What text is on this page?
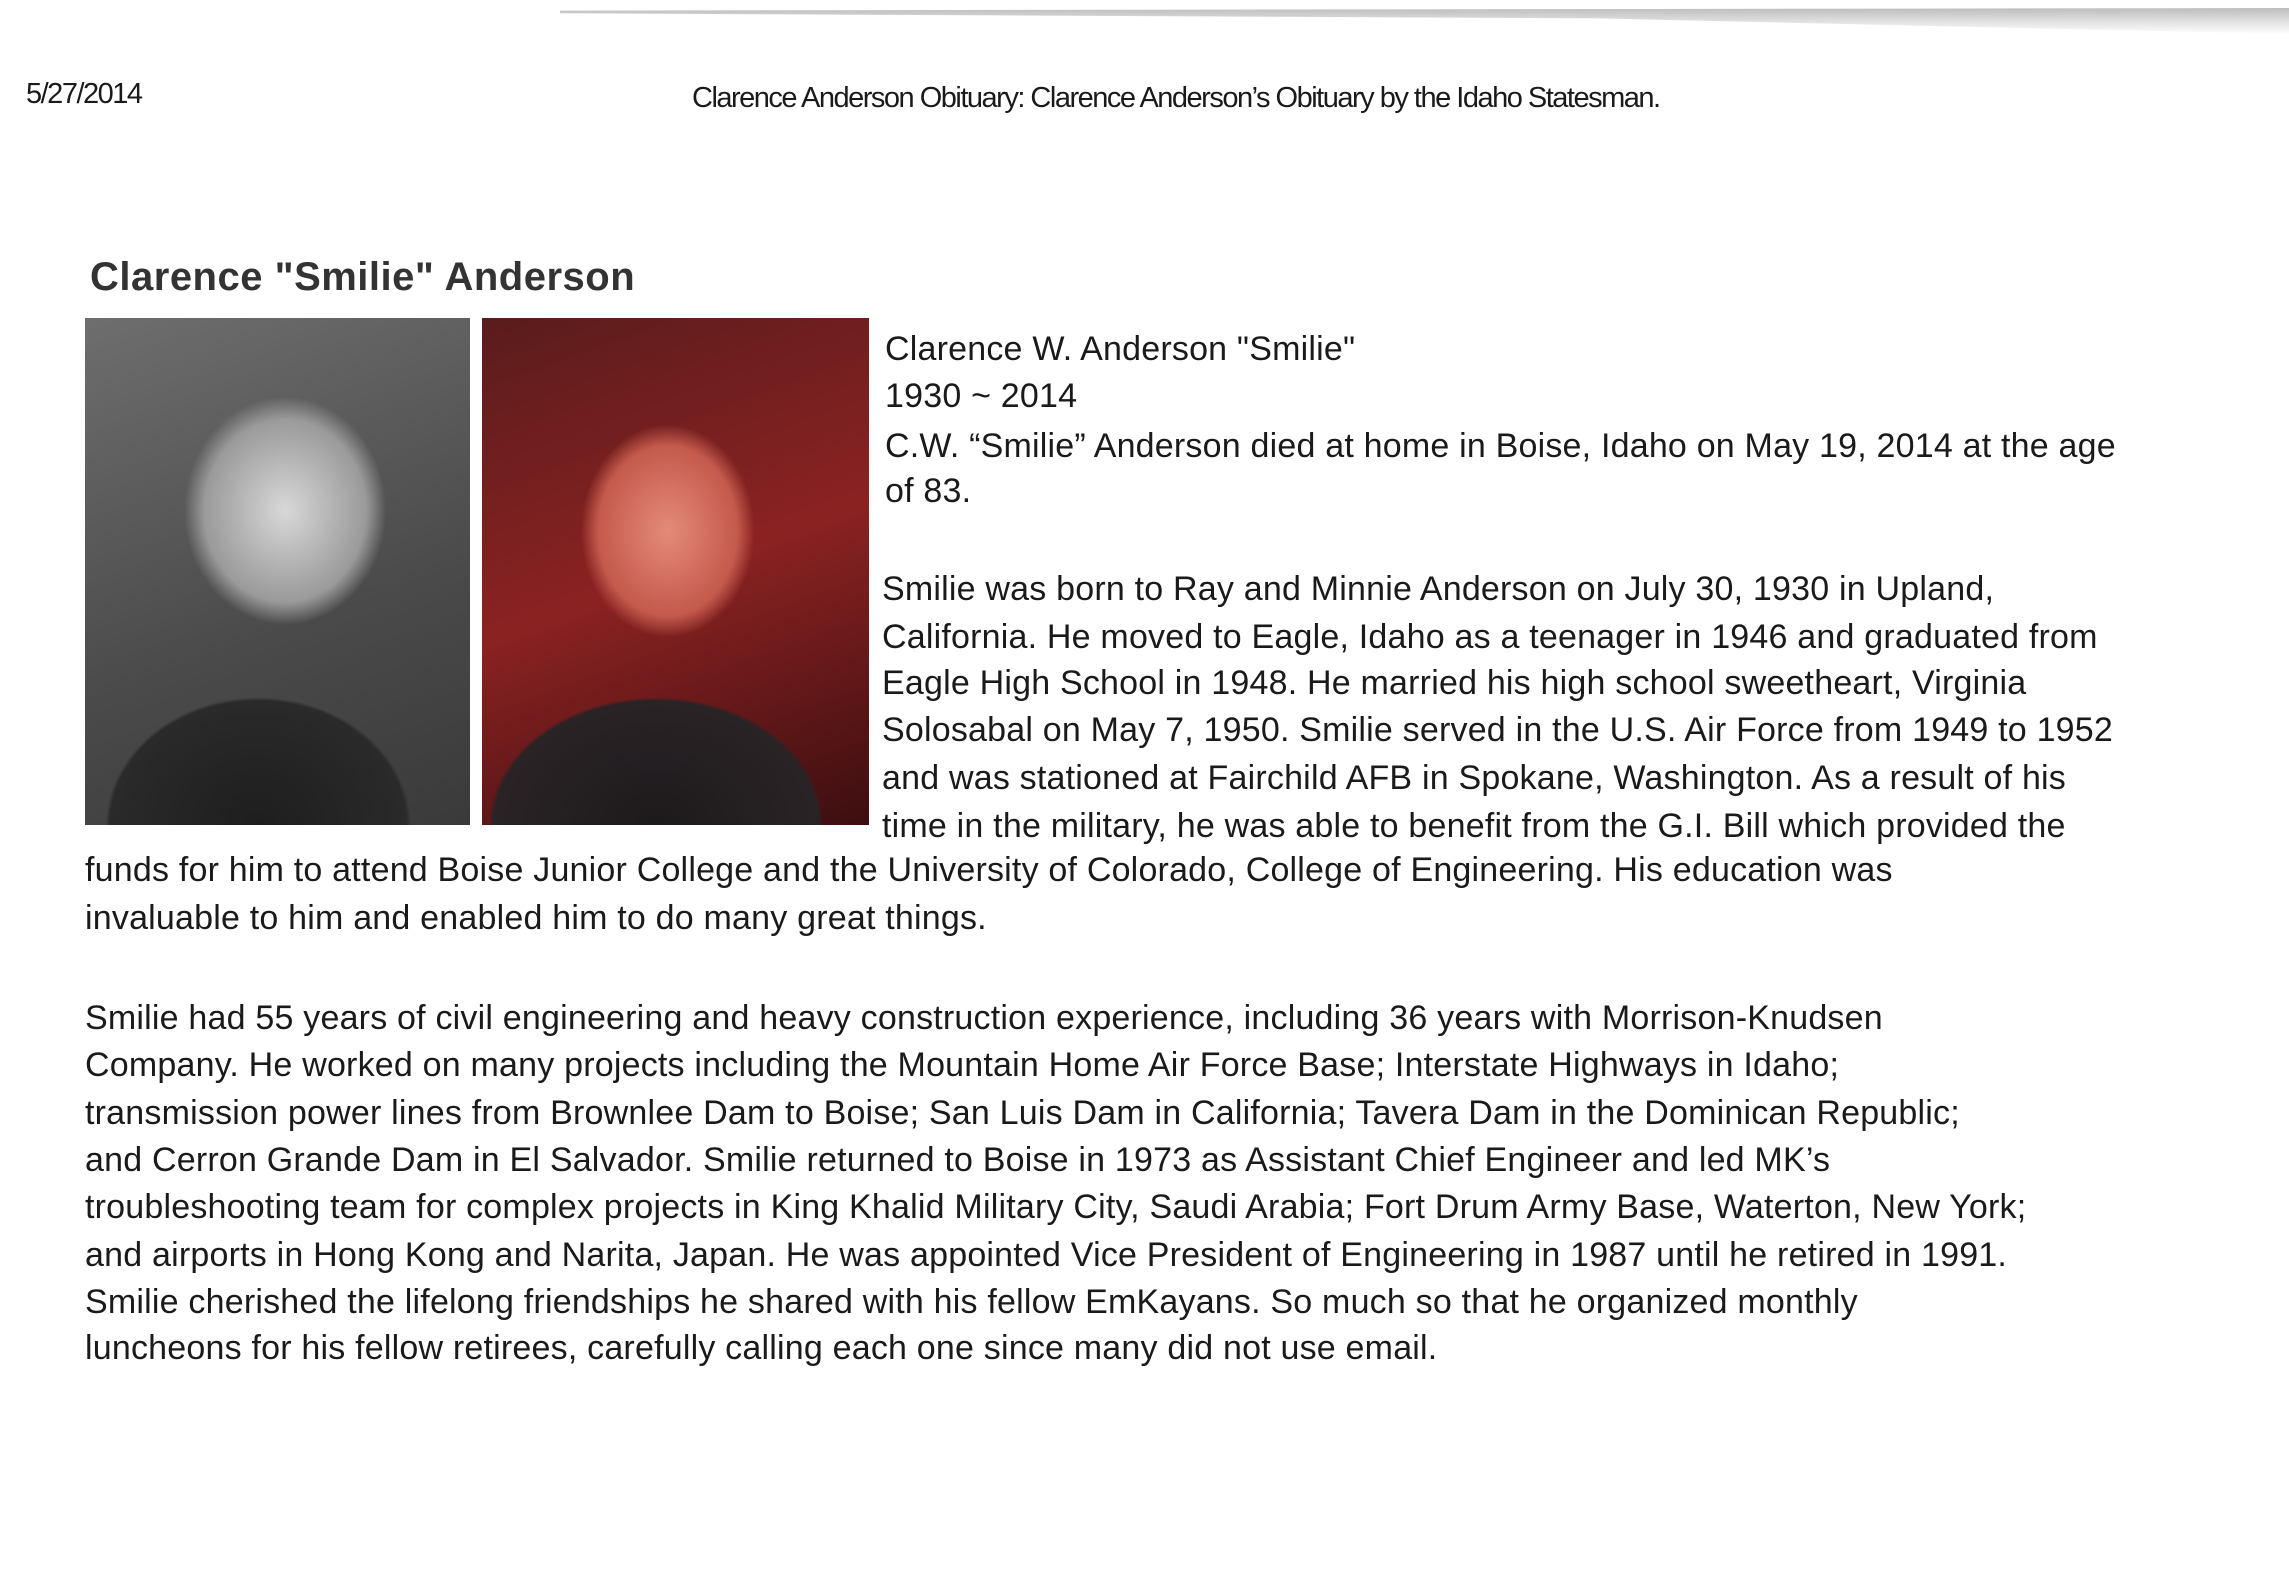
5/27/2014	Clarence Anderson Obituary: Clarence Anderson’s Obituary by the Idaho Statesman.
Clarence "Smilie" Anderson
Clarence W. Anderson "Smilie"
1930 ~ 2014
C.W. “Smilie” Anderson died at home in Boise, Idaho on May 19, 2014 at the age
of 83.
Smilie was born to Ray and Minnie Anderson on July 30, 1930 in Upland,
California. He moved to Eagle, Idaho as a teenager in 1946 and graduated from
Eagle High School in 1948. He married his high school sweetheart, Virginia
Solosabal on May 7, 1950. Smilie served in the U.S. Air Force from 1949 to 1952
and was stationed at Fairchild AFB in Spokane, Washington. As a result of his
time in the military, he was able to benefit from the G.I. Bill which provided the
funds for him to attend Boise Junior College and the University of Colorado, College of Engineering. His education was
invaluable to him and enabled him to do many great things.
Smilie had 55 years of civil engineering and heavy construction experience, including 36 years with Morrison-Knudsen
Company. He worked on many projects including the Mountain Home Air Force Base; Interstate Highways in Idaho;
transmission power lines from Brownlee Dam to Boise; San Luis Dam in California; Tavera Dam in the Dominican Republic;
and Cerron Grande Dam in El Salvador. Smilie returned to Boise in 1973 as Assistant Chief Engineer and led MK’s
troubleshooting team for complex projects in King Khalid Military City, Saudi Arabia; Fort Drum Army Base, Waterton, New York;
and airports in Hong Kong and Narita, Japan. He was appointed Vice President of Engineering in 1987 until he retired in 1991.
Smilie cherished the lifelong friendships he shared with his fellow EmKayans. So much so that he organized monthly
luncheons for his fellow retirees, carefully calling each one since many did not use email.
